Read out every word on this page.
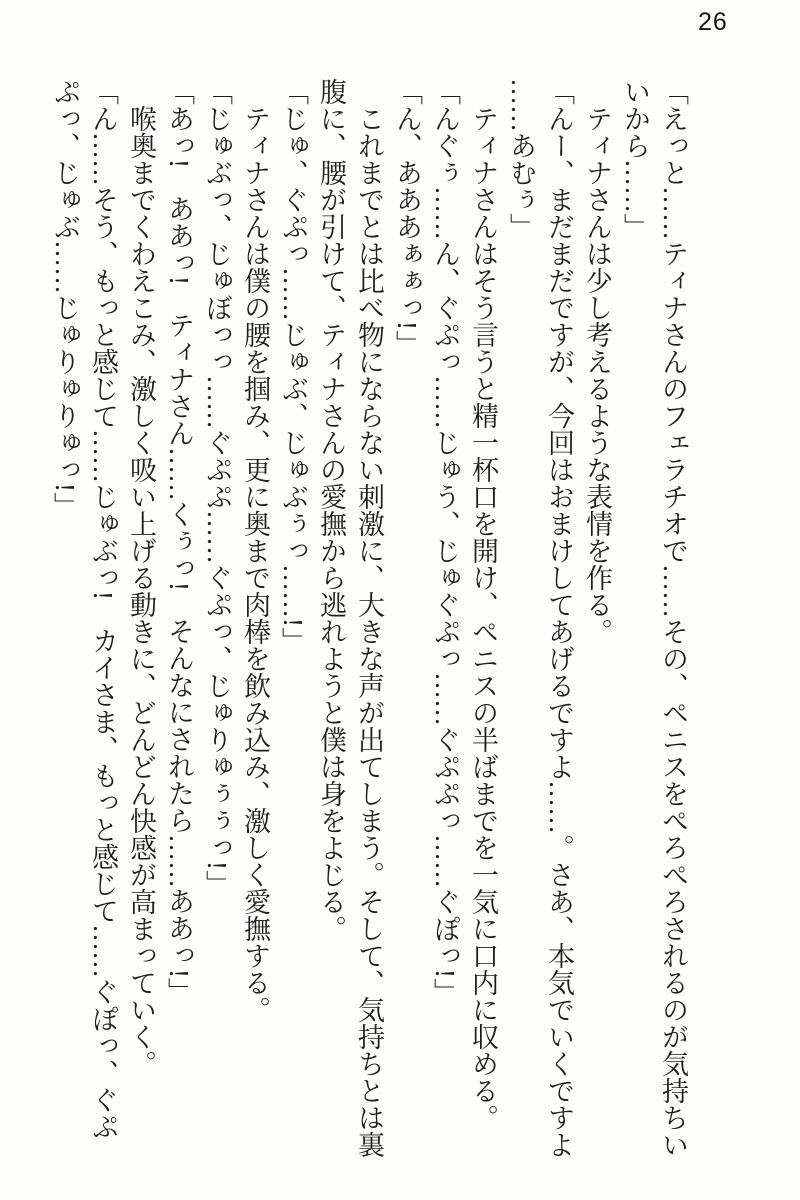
26

「えっと……ティナさんのフェラチオで……その、ペニスをぺろぺろされるのが気持ちい

いから……」

ティナさんは少し考えるような表情を作る。

「んー、まだまだですが、今回はおまけしてあげるですよ……。さあ、本気でいくですよ

……あむぅ」

ティナさんはそう言うと精一杯口を開け、ペニスの半ばまでを一気に口内に収める。

「んぐぅ……ん、ぐぷっ……じゅう、じゅぐぷっ……ぐぷぷっ……ぐぽっ!」

「ん、あああぁぁっ!」

これまでとは比べ物にならない刺激に、大きな声が出てしまう。そして、気持ちとは裏

腹に、腰が引けて、ティナさんの愛撫から逃れようと僕は身をよじる。

「じゅ、ぐぷっ……じゅぶ、じゅぶぅっ……!」

ティナさんは僕の腰を掴み、更に奥まで肉棒を飲み込み、激しく愛撫する。

「じゅぶっ、じゅぼっっ……ぐぷぷ……ぐぷっ、じゅりゅぅぅっ!」

「あっ!　ああっ!　ティナさん……くぅっ!　そんなにされたら……ああっ!」

喉奥までくわえこみ、激しく吸い上げる動きに、どんどん快感が高まっていく。

「ん……そう、もっと感じて……じゅぶっ!　カイさま、もっと感じて……ぐぽっ、ぐぷ

ぷっ、じゅぶ……じゅりゅりゅっ!」
